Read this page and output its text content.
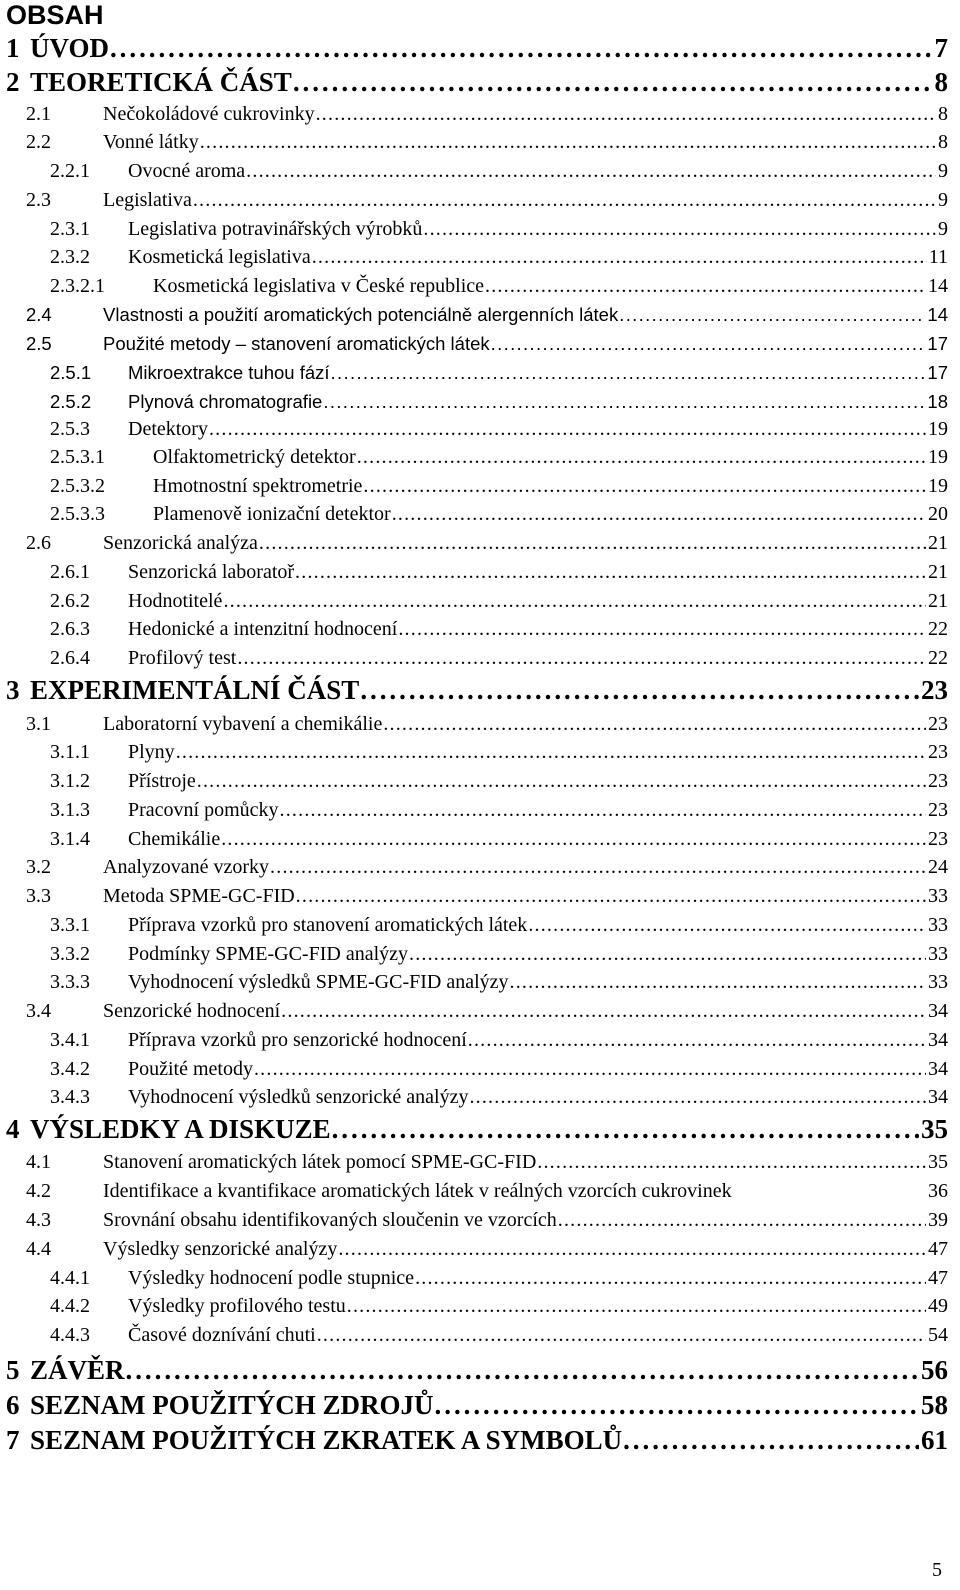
OBSAH
1 ÚVOD . . .	7
2 TEORETICKÁ ČÁST . . .	8
2.1	Nečokoládové cukrovinky . . .	8
2.2	Vonné látky . . .	8
2.2.1	Ovocné aroma . . .	9
2.3	Legislativa . . .	9
2.3.1	Legislativa potravinářských výrobků . . .	9
2.3.2	Kosmetická legislativa . . .	11
2.3.2.1	Kosmetická legislativa v České republice . . .	14
2.4	Vlastnosti a použití aromatických potenciálně alergenních látek . . .	14
2.5	Použité metody – stanovení aromatických látek . . .	17
2.5.1	Mikroextrakce tuhou fází . . .	17
2.5.2	Plynová chromatografie . . .	18
2.5.3	Detektory . . .	19
2.5.3.1	Olfaktometrický detektor . . .	19
2.5.3.2	Hmotnostní spektrometrie . . .	19
2.5.3.3	Plamenově ionizační detektor . . .	20
2.6	Senzorická analýza . . .	21
2.6.1	Senzorická laboratoř . . .	21
2.6.2	Hodnotitelé . . .	21
2.6.3	Hedonické a intenzitní hodnocení . . .	22
2.6.4	Profilový test . . .	22
3 EXPERIMENTÁLNÍ ČÁST . . .	23
3.1	Laboratorní vybavení a chemikálie . . .	23
3.1.1	Plyny . . .	23
3.1.2	Přístroje . . .	23
3.1.3	Pracovní pomůcky . . .	23
3.1.4	Chemikálie . . .	23
3.2	Analyzované vzorky . . .	24
3.3	Metoda SPME-GC-FID . . .	33
3.3.1	Příprava vzorků pro stanovení aromatických látek . . .	33
3.3.2	Podmínky SPME-GC-FID analýzy . . .	33
3.3.3	Vyhodnocení výsledků SPME-GC-FID analýzy . . .	33
3.4	Senzorické hodnocení . . .	34
3.4.1	Příprava vzorků pro senzorické hodnocení . . .	34
3.4.2	Použité metody . . .	34
3.4.3	Vyhodnocení výsledků senzorické analýzy . . .	34
4 VÝSLEDKY A DISKUZE . . .	35
4.1	Stanovení aromatických látek pomocí SPME-GC-FID . . .	35
4.2	Identifikace a kvantifikace aromatických látek v reálných vzorcích cukrovinek	36
4.3	Srovnání obsahu identifikovaných sloučenin ve vzorcích . . .	39
4.4	Výsledky senzorické analýzy . . .	47
4.4.1	Výsledky hodnocení podle stupnice . . .	47
4.4.2	Výsledky profilového testu . . .	49
4.4.3	Časové doznívání chuti . . .	54
5 ZÁVĚR . . .	56
6 SEZNAM POUŽITÝCH ZDROJŮ . . .	58
7 SEZNAM POUŽITÝCH ZKRATEK A SYMBOLŮ . . .	61
5
